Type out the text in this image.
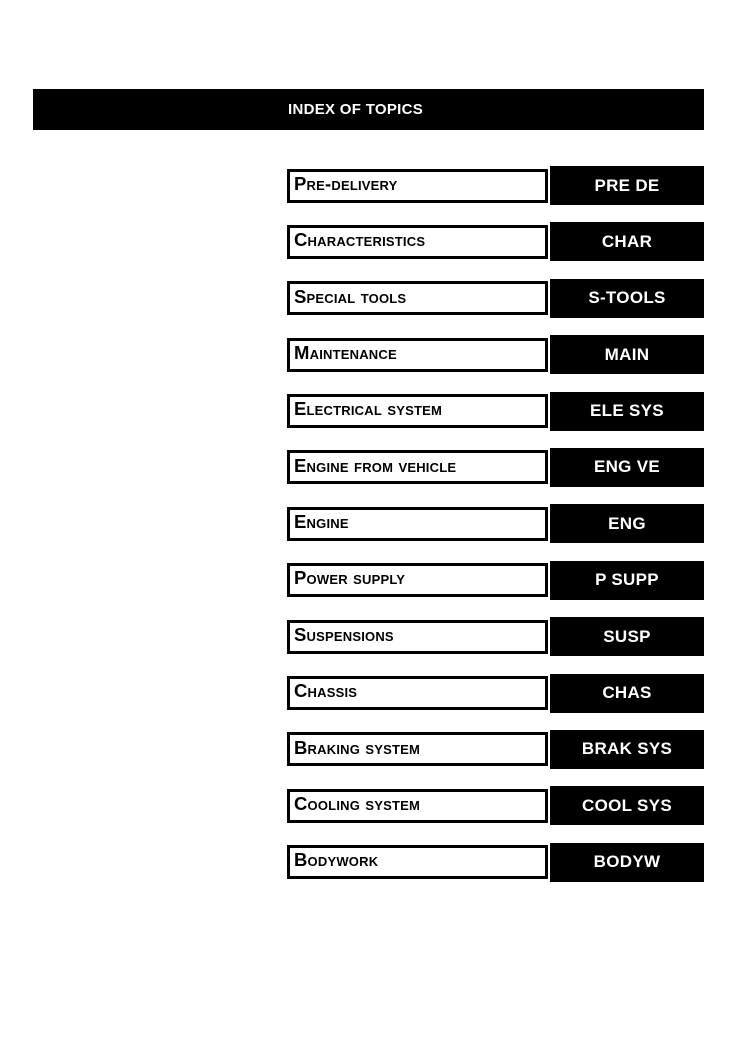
INDEX OF TOPICS
Pre-delivery	PRE DE
Characteristics	CHAR
Special tools	S-TOOLS
Maintenance	MAIN
Electrical system	ELE SYS
Engine from vehicle	ENG VE
Engine	ENG
Power supply	P SUPP
Suspensions	SUSP
Chassis	CHAS
Braking system	BRAK SYS
Cooling system	COOL SYS
Bodywork	BODYW
